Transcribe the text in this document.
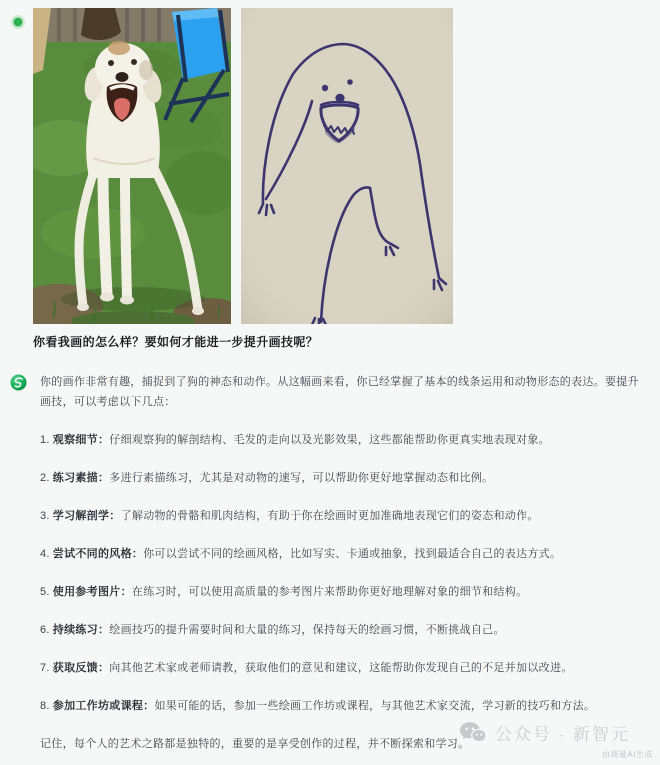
你看我画的怎么样？要如何才能进一步提升画技呢？

你的画作非常有趣，捕捉到了狗的神态和动作。从这幅画来看，你已经掌握了基本的线条运用和动物形态的表达。要提升画技，可以考虑以下几点：

1. 观察细节：仔细观察狗的解剖结构、毛发的走向以及光影效果，这些都能帮助你更真实地表现对象。

2. 练习素描：多进行素描练习，尤其是对动物的速写，可以帮助你更好地掌握动态和比例。

3. 学习解剖学：了解动物的骨骼和肌肉结构，有助于你在绘画时更加准确地表现它们的姿态和动作。

4. 尝试不同的风格：你可以尝试不同的绘画风格，比如写实、卡通或抽象，找到最适合自己的表达方式。

5. 使用参考图片：在练习时，可以使用高质量的参考图片来帮助你更好地理解对象的细节和结构。

6. 持续练习：绘画技巧的提升需要时间和大量的练习，保持每天的绘画习惯，不断挑战自己。

7. 获取反馈：向其他艺术家或老师请教，获取他们的意见和建议，这能帮助你发现自己的不足并加以改进。

8. 参加工作坊或课程：如果可能的话，参加一些绘画工作坊或课程，与其他艺术家交流，学习新的技巧和方法。

记住，每个人的艺术之路都是独特的，重要的是享受创作的过程，并不断探索和学习。	公众号 · 新智元
由商量AI生成
